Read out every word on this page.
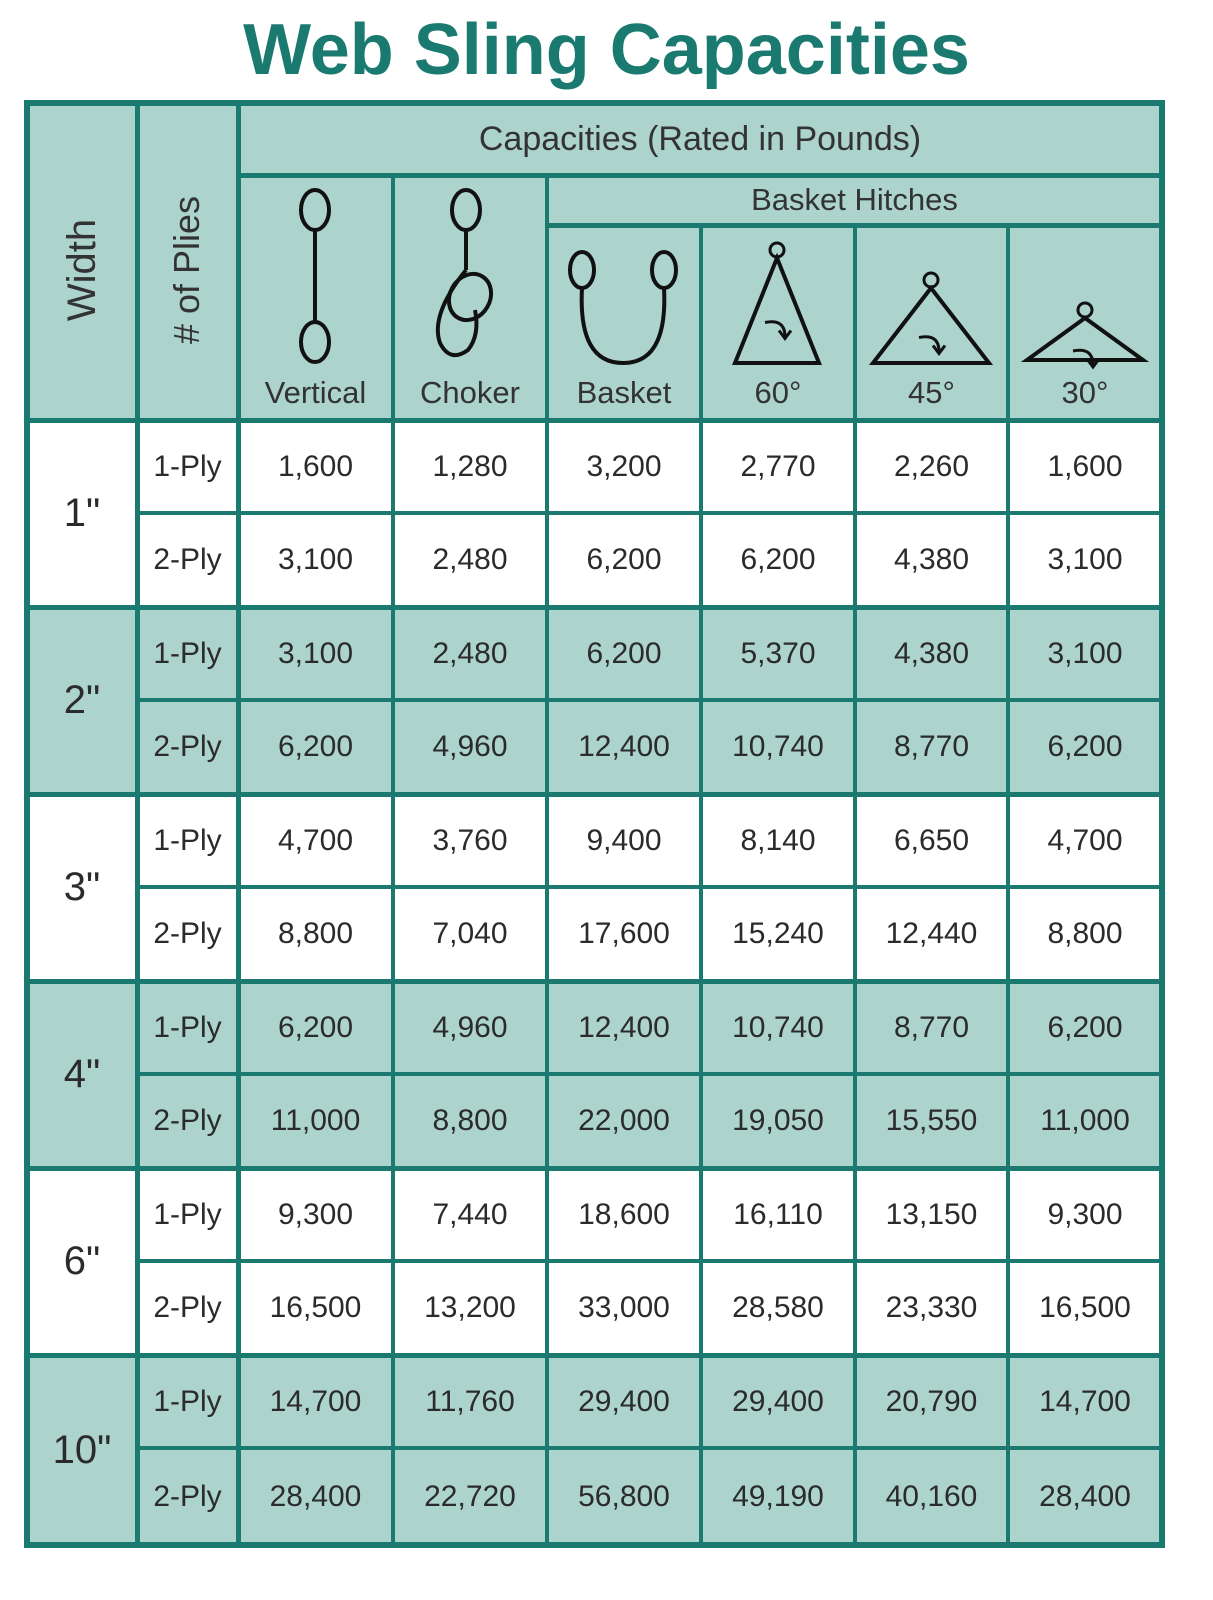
Web Sling Capacities
Capacities (Rated in Pounds)
Basket Hitches
Width # of Plies
Vertical	Choker	Basket	60°	45°	30°
1"
1-Ply	1,600	1,280	3,200	2,770	2,260	1,600
2-Ply	3,100	2,480	6,200	6,200	4,380	3,100
2"
1-Ply	3,100	2,480	6,200	5,370	4,380	3,100
2-Ply	6,200	4,960	12,400	10,740	8,770	6,200
3"
1-Ply	4,700	3,760	9,400	8,140	6,650	4,700
2-Ply	8,800	7,040	17,600	15,240	12,440	8,800
4"
1-Ply	6,200	4,960	12,400	10,740	8,770	6,200
2-Ply	11,000	8,800	22,000	19,050	15,550	11,000
6"
1-Ply	9,300	7,440	18,600	16,110	13,150	9,300
2-Ply	16,500	13,200	33,000	28,580	23,330	16,500
10"
1-Ply	14,700	11,760	29,400	29,400	20,790	14,700
2-Ply	28,400	22,720	56,800	49,190	40,160	28,400
